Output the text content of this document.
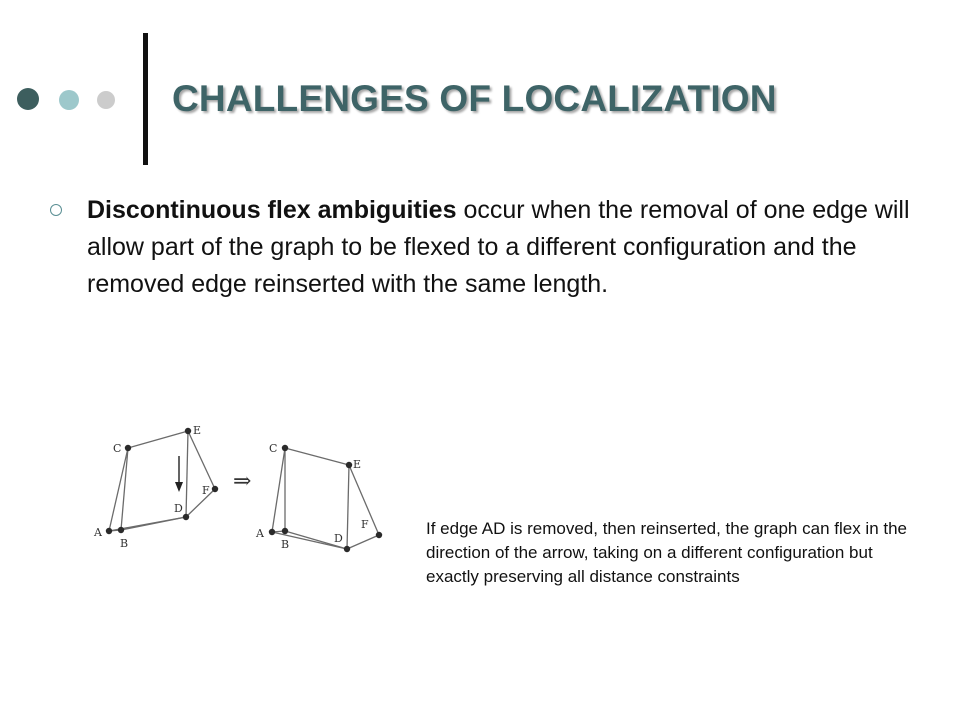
CHALLENGES OF LOCALIZATION
Discontinuous flex ambiguities occur when the removal of one edge will allow part of the graph to be flexed to a different configuration and the removed edge reinserted with the same length.
A
B
C
D
E
F ⇒
A
B
C
D
E
F	If edge AD is removed, then reinserted, the graph can flex in the direction of the arrow, taking on a different configuration but exactly preserving all distance constraints
